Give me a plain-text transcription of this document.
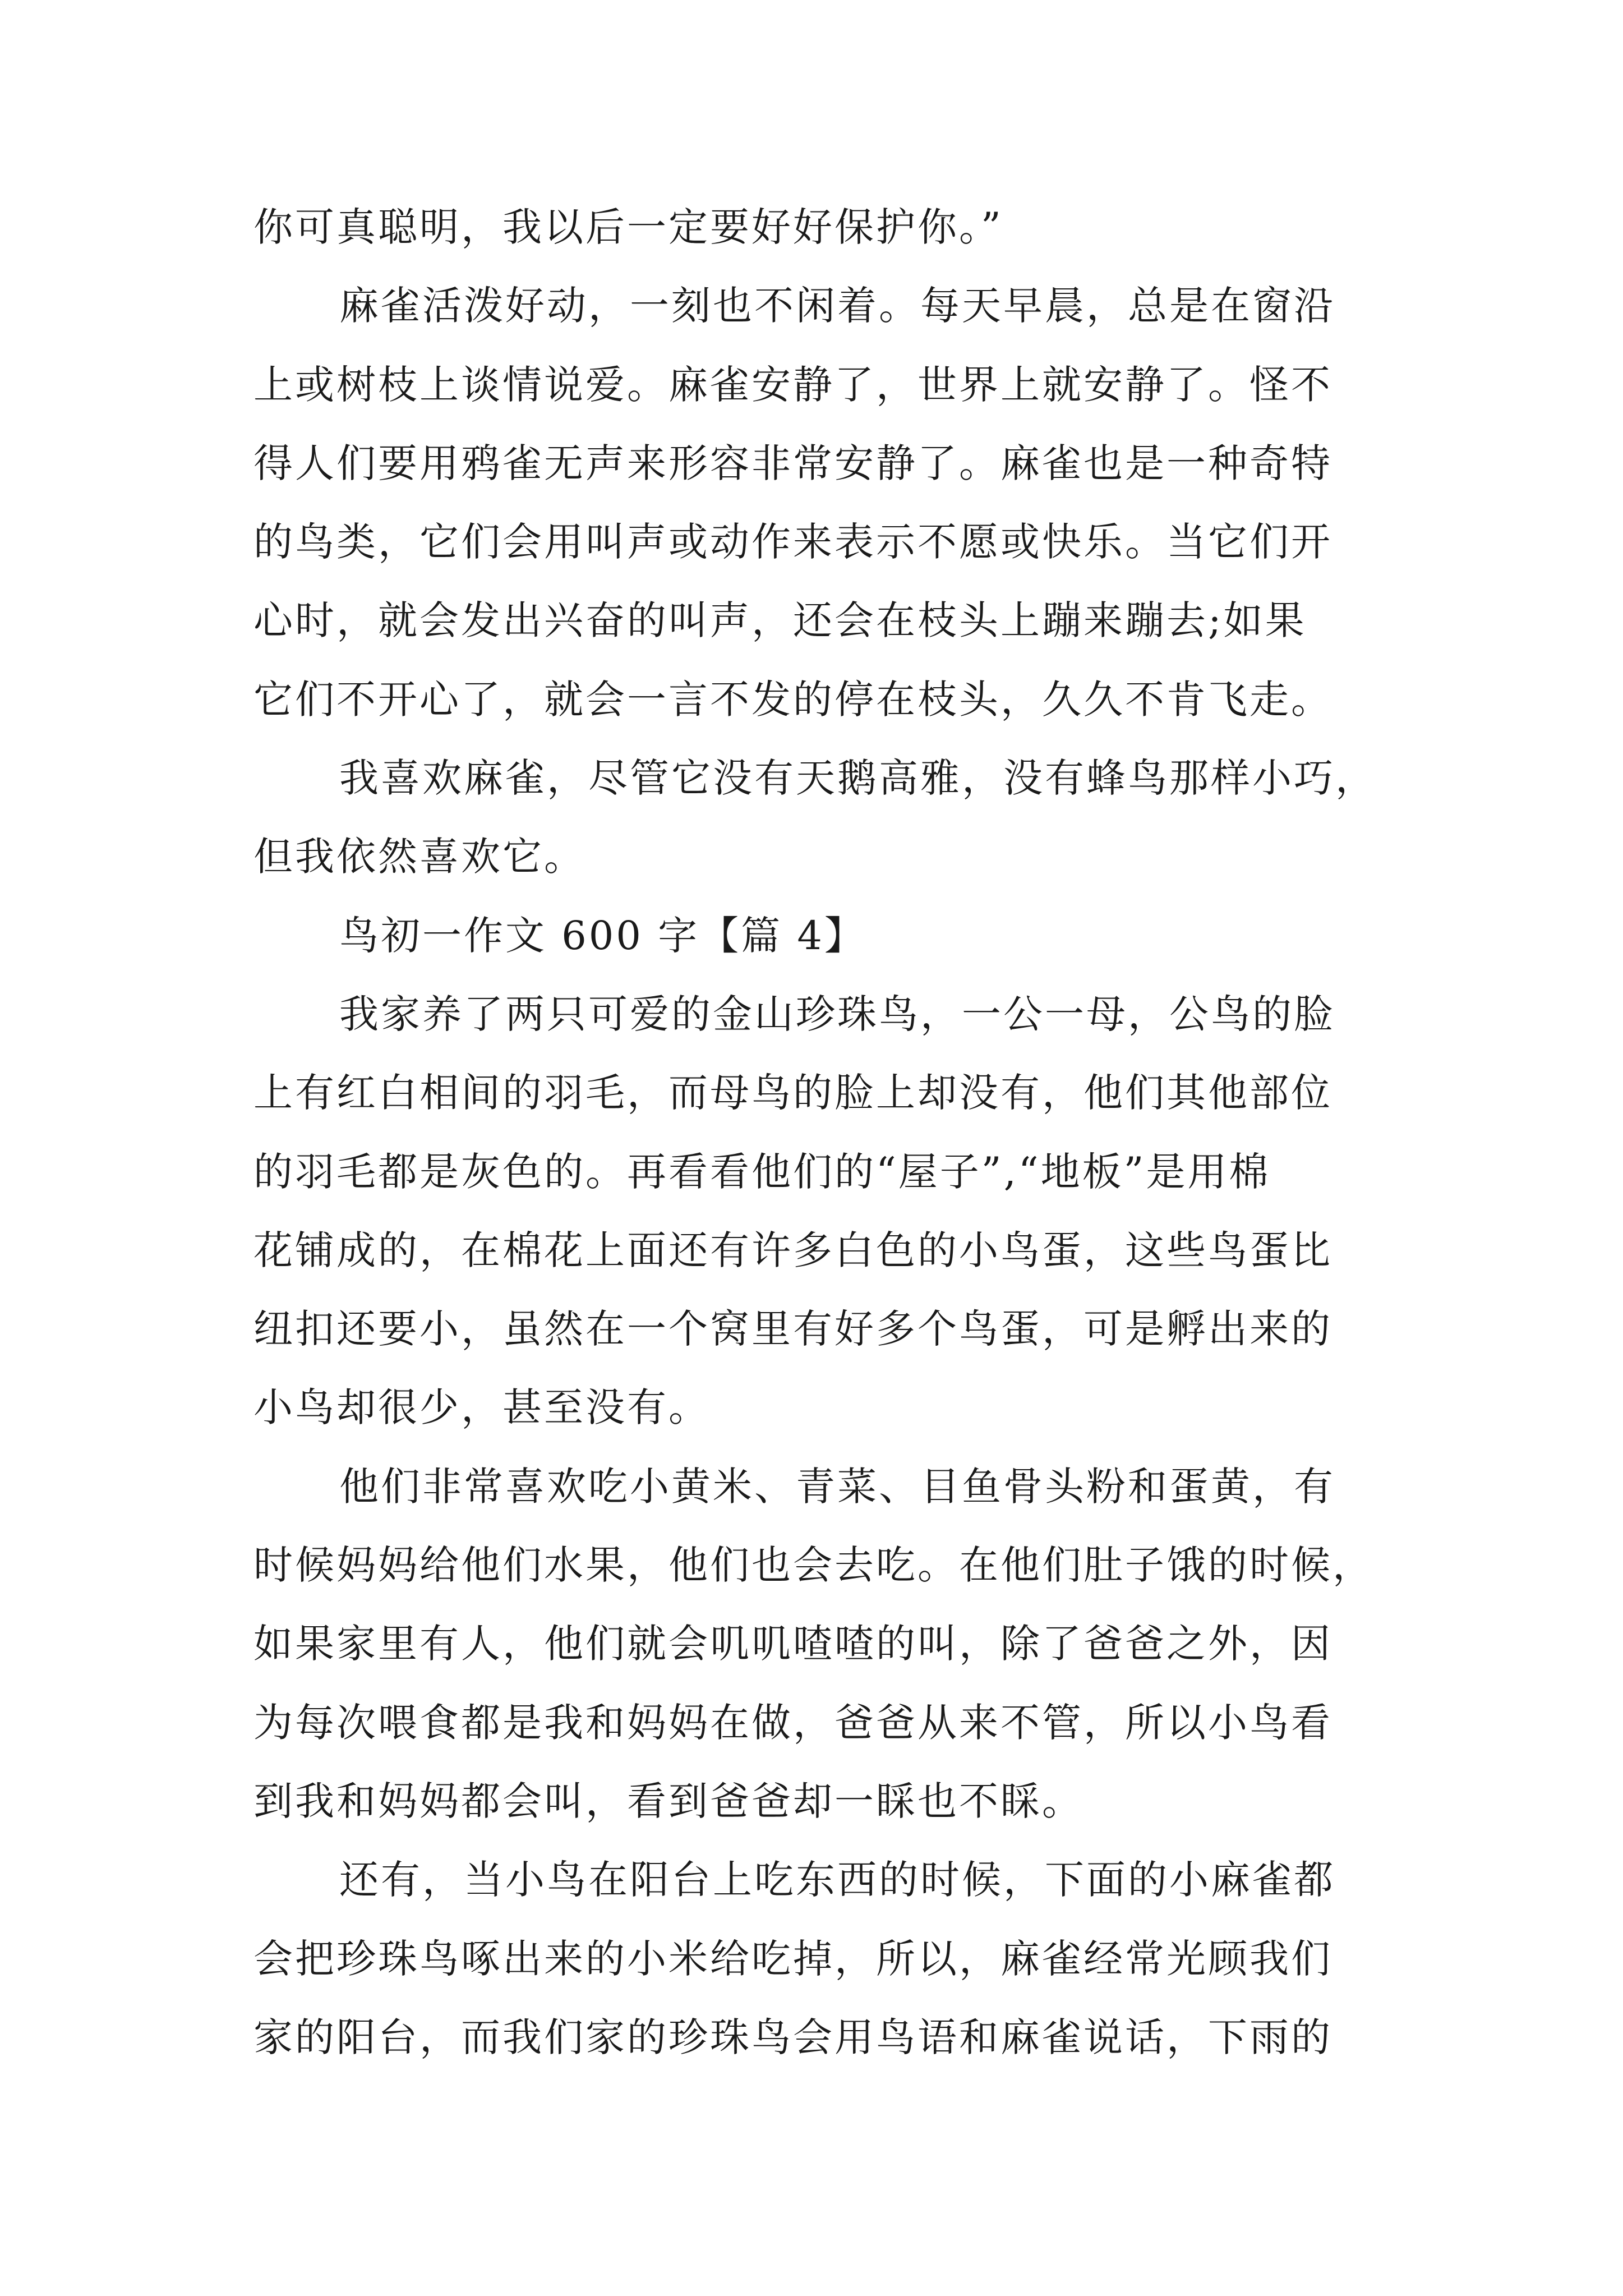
你可真聪明，我以后一定要好好保护你。”
麻雀活泼好动，一刻也不闲着。每天早晨，总是在窗沿
上或树枝上谈情说爱。麻雀安静了，世界上就安静了。怪不
得人们要用鸦雀无声来形容非常安静了。麻雀也是一种奇特
的鸟类，它们会用叫声或动作来表示不愿或快乐。当它们开
心时，就会发出兴奋的叫声，还会在枝头上蹦来蹦去;如果
它们不开心了，就会一言不发的停在枝头，久久不肯飞走。
我喜欢麻雀，尽管它没有天鹅高雅，没有蜂鸟那样小巧，
但我依然喜欢它。
鸟初一作文 600 字【篇 4】
我家养了两只可爱的金山珍珠鸟，一公一母，公鸟的脸
上有红白相间的羽毛，而母鸟的脸上却没有，他们其他部位
的羽毛都是灰色的。再看看他们的“屋子”,“地板”是用棉
花铺成的，在棉花上面还有许多白色的小鸟蛋，这些鸟蛋比
纽扣还要小，虽然在一个窝里有好多个鸟蛋，可是孵出来的
小鸟却很少，甚至没有。
他们非常喜欢吃小黄米、青菜、目鱼骨头粉和蛋黄，有
时候妈妈给他们水果，他们也会去吃。在他们肚子饿的时候，
如果家里有人，他们就会叽叽喳喳的叫，除了爸爸之外，因
为每次喂食都是我和妈妈在做，爸爸从来不管，所以小鸟看
到我和妈妈都会叫，看到爸爸却一睬也不睬。
还有，当小鸟在阳台上吃东西的时候，下面的小麻雀都
会把珍珠鸟啄出来的小米给吃掉，所以，麻雀经常光顾我们
家的阳台，而我们家的珍珠鸟会用鸟语和麻雀说话，下雨的
